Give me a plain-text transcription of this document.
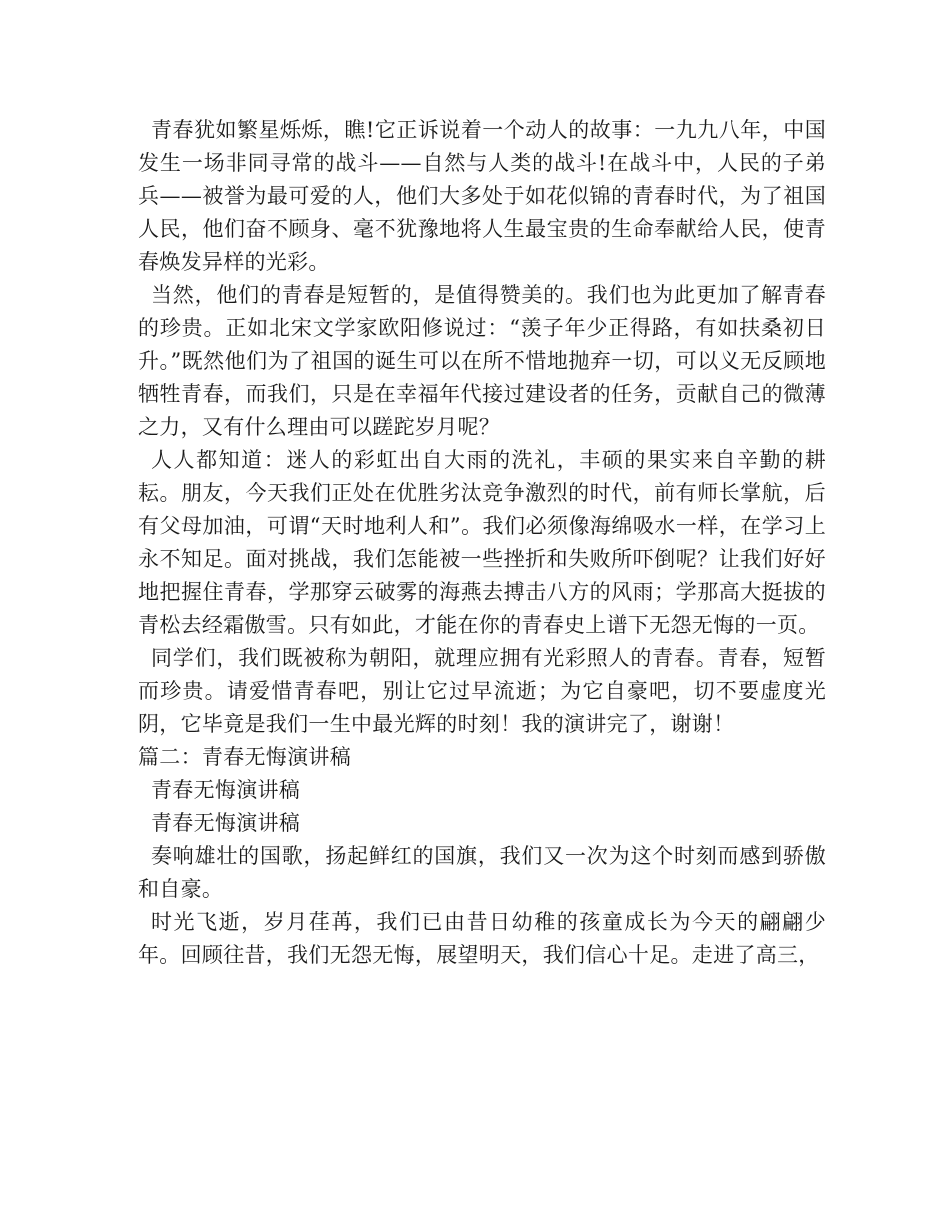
青春犹如繁星烁烁，瞧!它正诉说着一个动人的故事：一九九八年，中国发生一场非同寻常的战斗——自然与人类的战斗!在战斗中，人民的子弟兵——被誉为最可爱的人，他们大多处于如花似锦的青春时代，为了祖国人民，他们奋不顾身、毫不犹豫地将人生最宝贵的生命奉献给人民，使青春焕发异样的光彩。

当然，他们的青春是短暂的，是值得赞美的。我们也为此更加了解青春的珍贵。正如北宋文学家欧阳修说过：“羡子年少正得路，有如扶桑初日升。”既然他们为了祖国的诞生可以在所不惜地抛弃一切，可以义无反顾地牺牲青春，而我们，只是在幸福年代接过建设者的任务，贡献自己的微薄之力，又有什么理由可以蹉跎岁月呢？

人人都知道：迷人的彩虹出自大雨的洗礼，丰硕的果实来自辛勤的耕耘。朋友，今天我们正处在优胜劣汰竞争激烈的时代，前有师长掌航，后有父母加油，可谓“天时地利人和”。我们必须像海绵吸水一样，在学习上永不知足。面对挑战，我们怎能被一些挫折和失败所吓倒呢？让我们好好地把握住青春，学那穿云破雾的海燕去搏击八方的风雨；学那高大挺拔的青松去经霜傲雪。只有如此，才能在你的青春史上谱下无怨无悔的一页。

同学们，我们既被称为朝阳，就理应拥有光彩照人的青春。青春，短暂而珍贵。请爱惜青春吧，别让它过早流逝；为它自豪吧，切不要虚度光阴，它毕竟是我们一生中最光辉的时刻！我的演讲完了，谢谢！

篇二：青春无悔演讲稿

青春无悔演讲稿

青春无悔演讲稿

奏响雄壮的国歌，扬起鲜红的国旗，我们又一次为这个时刻而感到骄傲和自豪。

时光飞逝，岁月荏苒，我们已由昔日幼稚的孩童成长为今天的翩翩少年。回顾往昔，我们无怨无悔，展望明天，我们信心十足。走进了高三，
